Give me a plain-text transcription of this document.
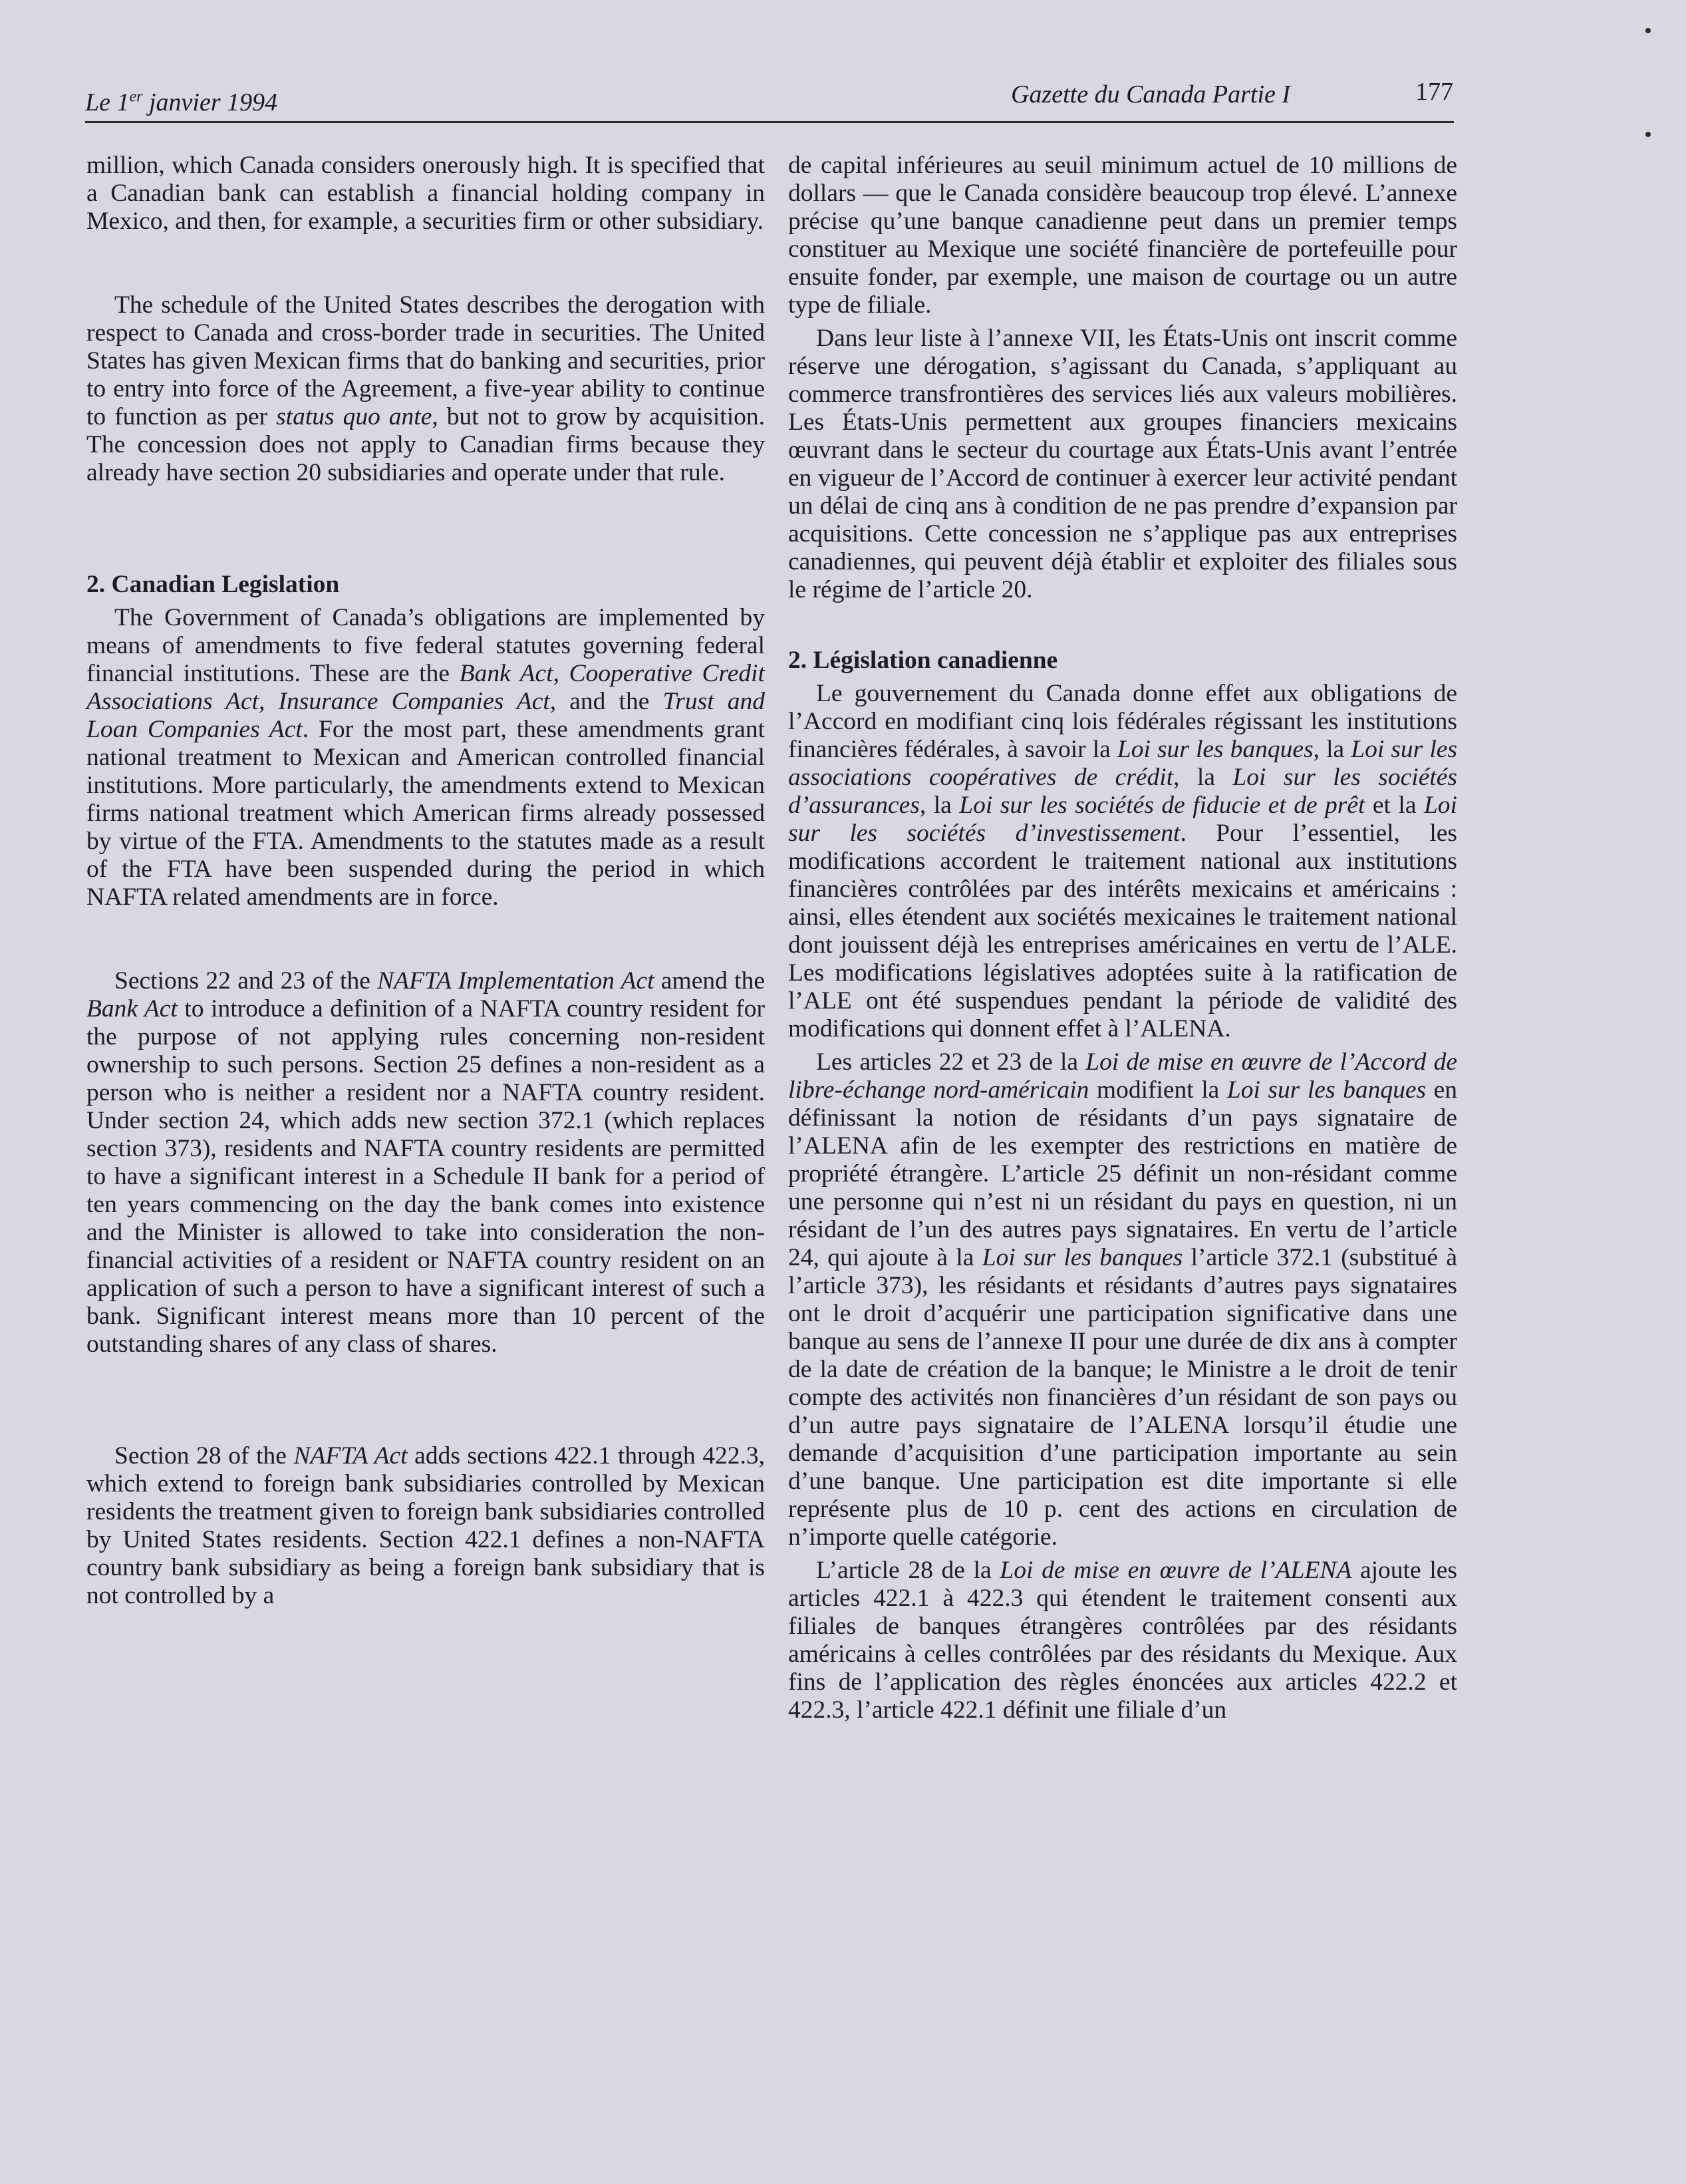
Le 1er janvier 1994	Gazette du Canada Partie I	177

million, which Canada considers onerously high. It is specified that a Canadian bank can establish a financial holding company in Mexico, and then, for example, a securities firm or other subsidiary.

The schedule of the United States describes the derogation with respect to Canada and cross-border trade in securities. The United States has given Mexican firms that do banking and securities, prior to entry into force of the Agreement, a five-year ability to continue to function as per status quo ante, but not to grow by acquisition. The concession does not apply to Canadian firms because they already have section 20 subsidiaries and operate under that rule.

2. Canadian Legislation

The Government of Canada’s obligations are implemented by means of amendments to five federal statutes governing federal financial institutions. These are the Bank Act, Cooperative Credit Associations Act, Insurance Companies Act, and the Trust and Loan Companies Act. For the most part, these amendments grant national treatment to Mexican and American controlled financial institutions. More particularly, the amendments extend to Mexican firms national treatment which American firms already possessed by virtue of the FTA. Amendments to the statutes made as a result of the FTA have been suspended during the period in which NAFTA related amendments are in force.

Sections 22 and 23 of the NAFTA Implementation Act amend the Bank Act to introduce a definition of a NAFTA country resident for the purpose of not applying rules concerning non-resident ownership to such persons. Section 25 defines a non-resident as a person who is neither a resident nor a NAFTA country resident. Under section 24, which adds new section 372.1 (which replaces section 373), residents and NAFTA country residents are permitted to have a significant interest in a Schedule II bank for a period of ten years commencing on the day the bank comes into existence and the Minister is allowed to take into consideration the non-financial activities of a resident or NAFTA country resident on an application of such a person to have a significant interest of such a bank. Significant interest means more than 10 percent of the outstanding shares of any class of shares.

Section 28 of the NAFTA Act adds sections 422.1 through 422.3, which extend to foreign bank subsidiaries controlled by Mexican residents the treatment given to foreign bank subsidiaries controlled by United States residents. Section 422.1 defines a non-NAFTA country bank subsidiary as being a foreign bank subsidiary that is not controlled by a

de capital inférieures au seuil minimum actuel de 10 millions de dollars — que le Canada considère beaucoup trop élevé. L’annexe précise qu’une banque canadienne peut dans un premier temps constituer au Mexique une société financière de portefeuille pour ensuite fonder, par exemple, une maison de courtage ou un autre type de filiale.

Dans leur liste à l’annexe VII, les États-Unis ont inscrit comme réserve une dérogation, s’agissant du Canada, s’appliquant au commerce transfrontières des services liés aux valeurs mobilières. Les États-Unis permettent aux groupes financiers mexicains œuvrant dans le secteur du courtage aux États-Unis avant l’entrée en vigueur de l’Accord de continuer à exercer leur activité pendant un délai de cinq ans à condition de ne pas prendre d’expansion par acquisitions. Cette concession ne s’applique pas aux entreprises canadiennes, qui peuvent déjà établir et exploiter des filiales sous le régime de l’article 20.

2. Législation canadienne

Le gouvernement du Canada donne effet aux obligations de l’Accord en modifiant cinq lois fédérales régissant les institutions financières fédérales, à savoir la Loi sur les banques, la Loi sur les associations coopératives de crédit, la Loi sur les sociétés d’assurances, la Loi sur les sociétés de fiducie et de prêt et la Loi sur les sociétés d’investissement. Pour l’essentiel, les modifications accordent le traitement national aux institutions financières contrôlées par des intérêts mexicains et américains : ainsi, elles étendent aux sociétés mexicaines le traitement national dont jouissent déjà les entreprises américaines en vertu de l’ALE. Les modifications législatives adoptées suite à la ratification de l’ALE ont été suspendues pendant la période de validité des modifications qui donnent effet à l’ALENA.

Les articles 22 et 23 de la Loi de mise en œuvre de l’Accord de libre-échange nord-américain modifient la Loi sur les banques en définissant la notion de résidants d’un pays signataire de l’ALENA afin de les exempter des restrictions en matière de propriété étrangère. L’article 25 définit un non-résidant comme une personne qui n’est ni un résidant du pays en question, ni un résidant de l’un des autres pays signataires. En vertu de l’article 24, qui ajoute à la Loi sur les banques l’article 372.1 (substitué à l’article 373), les résidants et résidants d’autres pays signataires ont le droit d’acquérir une participation significative dans une banque au sens de l’annexe II pour une durée de dix ans à compter de la date de création de la banque; le Ministre a le droit de tenir compte des activités non financières d’un résidant de son pays ou d’un autre pays signataire de l’ALENA lorsqu’il étudie une demande d’acquisition d’une participation importante au sein d’une banque. Une participation est dite importante si elle représente plus de 10 p. cent des actions en circulation de n’importe quelle catégorie.

L’article 28 de la Loi de mise en œuvre de l’ALENA ajoute les articles 422.1 à 422.3 qui étendent le traitement consenti aux filiales de banques étrangères contrôlées par des résidants américains à celles contrôlées par des résidants du Mexique. Aux fins de l’application des règles énoncées aux articles 422.2 et 422.3, l’article 422.1 définit une filiale d’un
